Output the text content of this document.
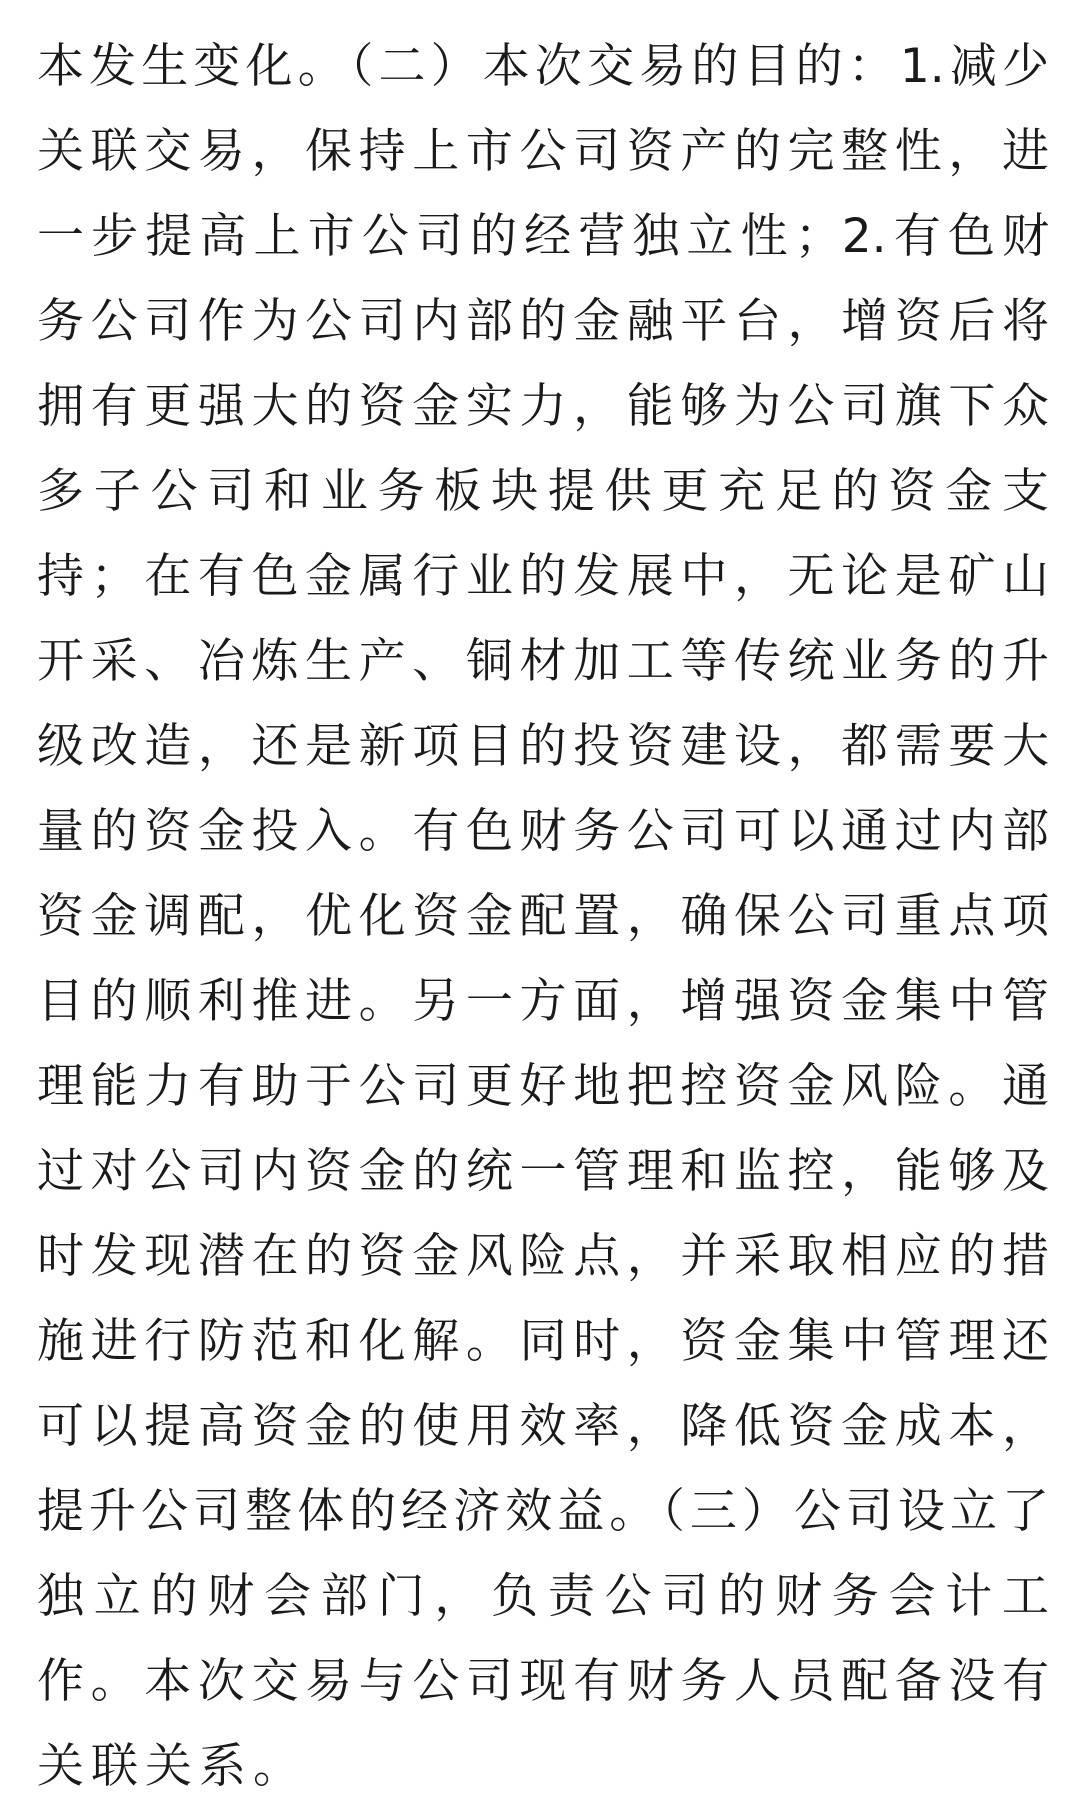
本发生变化。（二）本次交易的目的：1.减少
关联交易，保持上市公司资产的完整性，进
一步提高上市公司的经营独立性；2.有色财
务公司作为公司内部的金融平台，增资后将
拥有更强大的资金实力，能够为公司旗下众
多子公司和业务板块提供更充足的资金支
持；在有色金属行业的发展中，无论是矿山
开采、冶炼生产、铜材加工等传统业务的升
级改造，还是新项目的投资建设，都需要大
量的资金投入。有色财务公司可以通过内部
资金调配，优化资金配置，确保公司重点项
目的顺利推进。另一方面，增强资金集中管
理能力有助于公司更好地把控资金风险。通
过对公司内资金的统一管理和监控，能够及
时发现潜在的资金风险点，并采取相应的措
施进行防范和化解。同时，资金集中管理还
可以提高资金的使用效率，降低资金成本，
提升公司整体的经济效益。（三）公司设立了
独立的财会部门，负责公司的财务会计工
作。本次交易与公司现有财务人员配备没有
关联关系。
